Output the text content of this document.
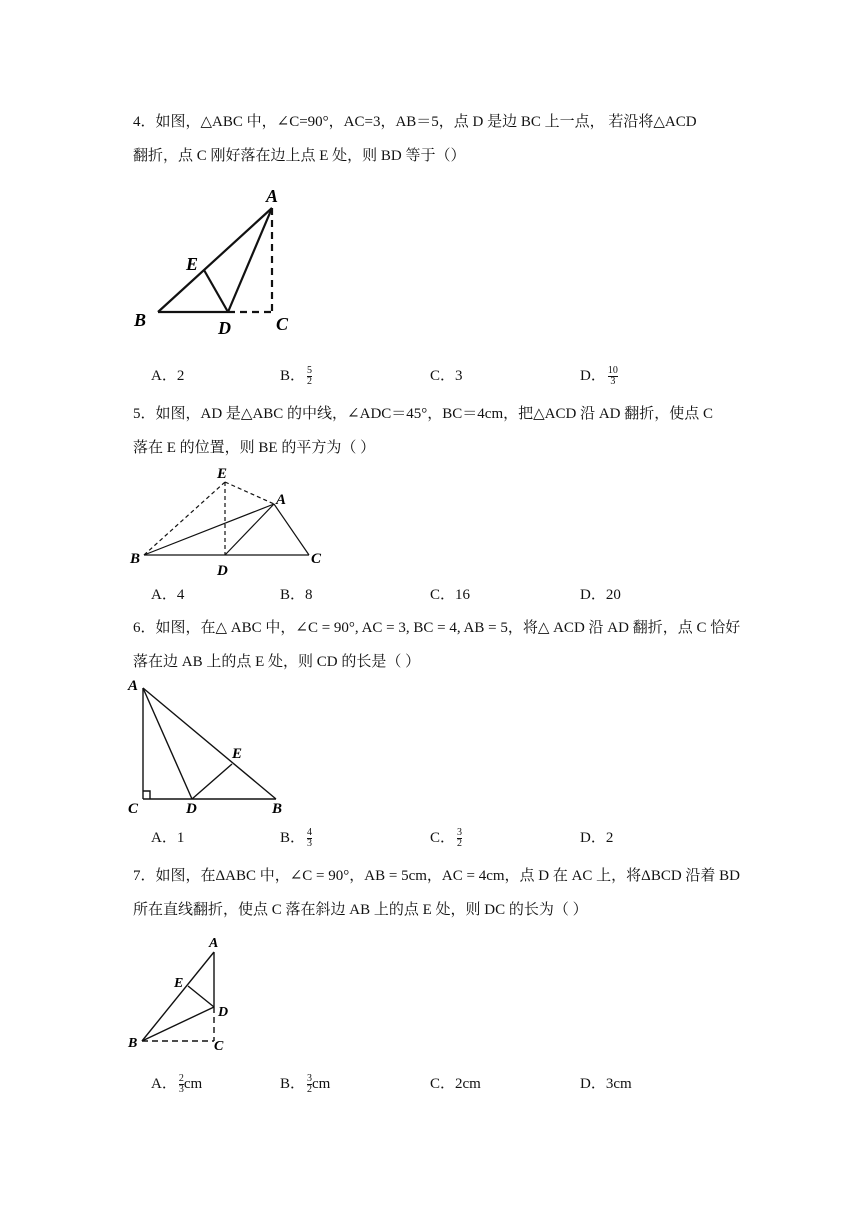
4．如图，△ABC 中，∠C=90°，AC=3，AB＝5，点 D 是边 BC 上一点， 若沿将△ACD
翻折，点 C 刚好落在边上点 E 处，则 BD 等于（）
A
E
B	D	C
A．2	B． $\frac{5}{2}$	C．3	D． $\frac{10}{3}$
5．如图，AD 是△ABC 的中线，∠ADC＝45°，BC＝4cm，把△ACD 沿 AD 翻折，使点 C
落在 E 的位置，则 BE 的平方为（ ）
E
A
B
D
C
A．4	B．8	C．16	D．20
6．如图，在△ ABC 中，∠C = 90°, AC = 3, BC = 4, AB = 5，将△ ACD 沿 AD 翻折，点 C 恰好
落在边 AB 上的点 E 处，则 CD 的长是（ ）
A
E
C	D	B
A．1	B． $\frac{4}{3}$	C． $\frac{3}{2}$	D．2
7．如图，在ΔABC 中，∠C = 90°，AB = 5cm，AC = 4cm，点 D 在 AC 上，将ΔBCD 沿着 BD
所在直线翻折，使点 C 落在斜边 AB 上的点 E 处，则 DC 的长为（ ）
A
E
D
B	C
A． $\frac{2}{3}$ cm	B． $\frac{3}{2}$ cm	C．2cm	D．3cm
